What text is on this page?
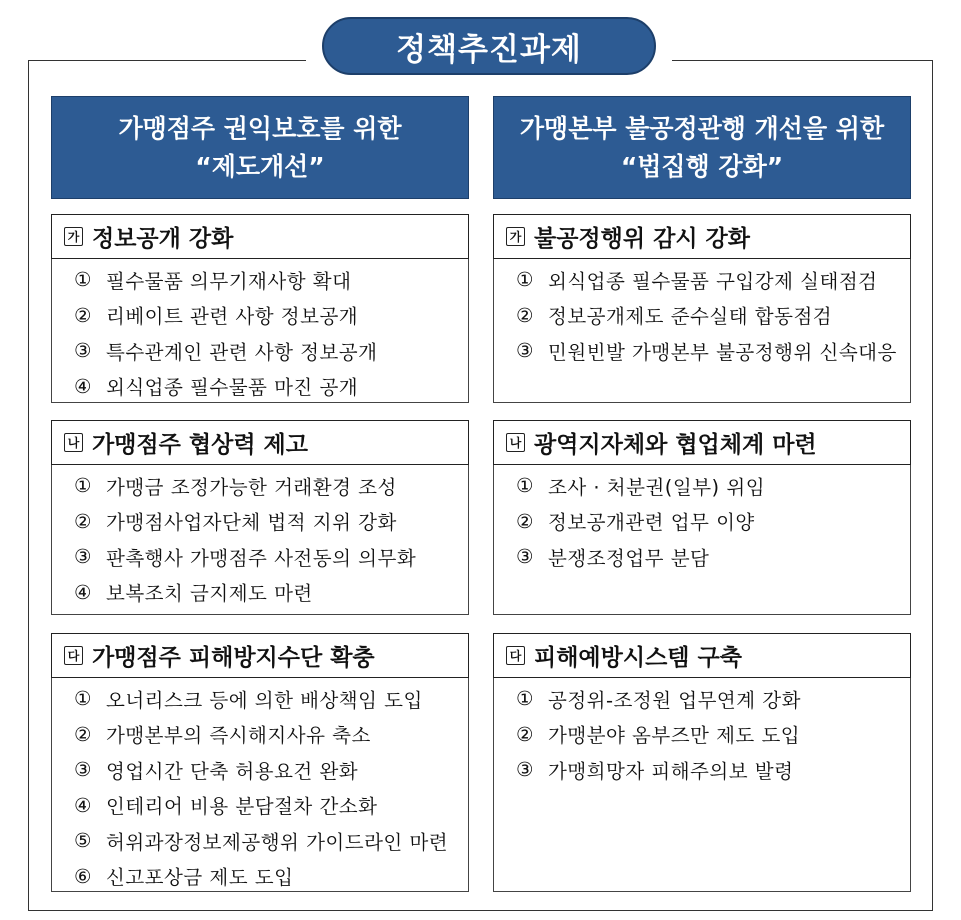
정책추진과제
가맹점주 권익보호를 위한
“제도개선”
가맹본부 불공정관행 개선을 위한
“법집행 강화”
가 정보공개 강화
① 필수물품 의무기재사항 확대
② 리베이트 관련 사항 정보공개
③ 특수관계인 관련 사항 정보공개
④ 외식업종 필수물품 마진 공개
나 가맹점주 협상력 제고
① 가맹금 조정가능한 거래환경 조성
② 가맹점사업자단체 법적 지위 강화
③ 판촉행사 가맹점주 사전동의 의무화
④ 보복조치 금지제도 마련
다 가맹점주 피해방지수단 확충
① 오너리스크 등에 의한 배상책임 도입
② 가맹본부의 즉시해지사유 축소
③ 영업시간 단축 허용요건 완화
④ 인테리어 비용 분담절차 간소화
⑤ 허위과장정보제공행위 가이드라인 마련
⑥ 신고포상금 제도 도입
가 불공정행위 감시 강화
① 외식업종 필수물품 구입강제 실태점검
② 정보공개제도 준수실태 합동점검
③ 민원빈발 가맹본부 불공정행위 신속대응
나 광역지자체와 협업체계 마련
① 조사 · 처분권(일부) 위임
② 정보공개관련 업무 이양
③ 분쟁조정업무 분담
다 피해예방시스템 구축
① 공정위-조정원 업무연계 강화
② 가맹분야 옴부즈만 제도 도입
③ 가맹희망자 피해주의보 발령
